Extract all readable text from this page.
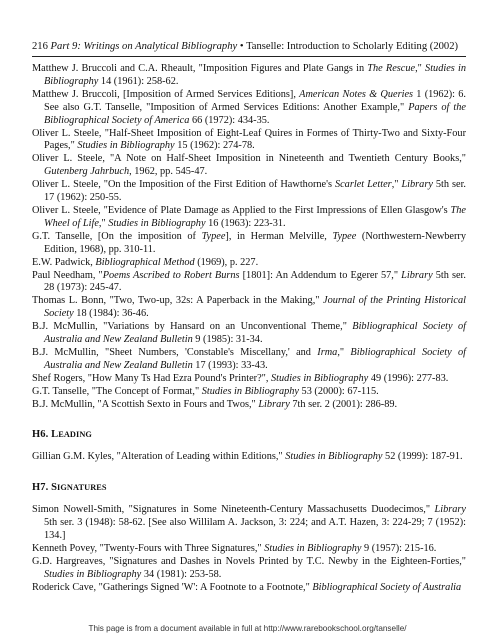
216 Part 9: Writings on Analytical Bibliography • Tanselle: Introduction to Scholarly Editing (2002)
Matthew J. Bruccoli and C.A. Rheault, "Imposition Figures and Plate Gangs in The Rescue," Studies in Bibliography 14 (1961): 258-62.
Matthew J. Bruccoli, [Imposition of Armed Services Editions], American Notes & Queries 1 (1962): 6. See also G.T. Tanselle, "Imposition of Armed Services Editions: Another Example," Papers of the Bibliographical Society of America 66 (1972): 434-35.
Oliver L. Steele, "Half-Sheet Imposition of Eight-Leaf Quires in Formes of Thirty-Two and Sixty-Four Pages," Studies in Bibliography 15 (1962): 274-78.
Oliver L. Steele, "A Note on Half-Sheet Imposition in Nineteenth and Twentieth Century Books," Gutenberg Jahrbuch, 1962, pp. 545-47.
Oliver L. Steele, "On the Imposition of the First Edition of Hawthorne's Scarlet Letter," Library 5th ser. 17 (1962): 250-55.
Oliver L. Steele, "Evidence of Plate Damage as Applied to the First Impressions of Ellen Glasgow's The Wheel of Life," Studies in Bibliography 16 (1963): 223-31.
G.T. Tanselle, [On the imposition of Typee], in Herman Melville, Typee (Northwestern-Newberry Edition, 1968), pp. 310-11.
E.W. Padwick, Bibliographical Method (1969), p. 227.
Paul Needham, "Poems Ascribed to Robert Burns [1801]: An Addendum to Egerer 57," Library 5th ser. 28 (1973): 245-47.
Thomas L. Bonn, "Two, Two-up, 32s: A Paperback in the Making," Journal of the Printing Historical Society 18 (1984): 36-46.
B.J. McMullin, "Variations by Hansard on an Unconventional Theme," Bibliographical Society of Australia and New Zealand Bulletin 9 (1985): 31-34.
B.J. McMullin, "Sheet Numbers, 'Constable's Miscellany,' and Irma," Bibliographical Society of Australia and New Zealand Bulletin 17 (1993): 33-43.
Shef Rogers, "How Many Ts Had Ezra Pound's Printer?", Studies in Bibliography 49 (1996): 277-83.
G.T. Tanselle, "The Concept of Format," Studies in Bibliography 53 (2000): 67-115.
B.J. McMullin, "A Scottish Sexto in Fours and Twos," Library 7th ser. 2 (2001): 286-89.
H6. LEADING
Gillian G.M. Kyles, "Alteration of Leading within Editions," Studies in Bibliography 52 (1999): 187-91.
H7. SIGNATURES
Simon Nowell-Smith, "Signatures in Some Nineteenth-Century Massachusetts Duodecimos," Library 5th ser. 3 (1948): 58-62. [See also Willilam A. Jackson, 3: 224; and A.T. Hazen, 3: 224-29; 7 (1952): 134.]
Kenneth Povey, "Twenty-Fours with Three Signatures," Studies in Bibliography 9 (1957): 215-16.
G.D. Hargreaves, "Signatures and Dashes in Novels Printed by T.C. Newby in the Eighteen-Forties," Studies in Bibliography 34 (1981): 253-58.
Roderick Cave, "Gatherings Signed 'W': A Footnote to a Footnote," Bibliographical Society of Australia
This page is from a document available in full at http://www.rarebookschool.org/tanselle/
